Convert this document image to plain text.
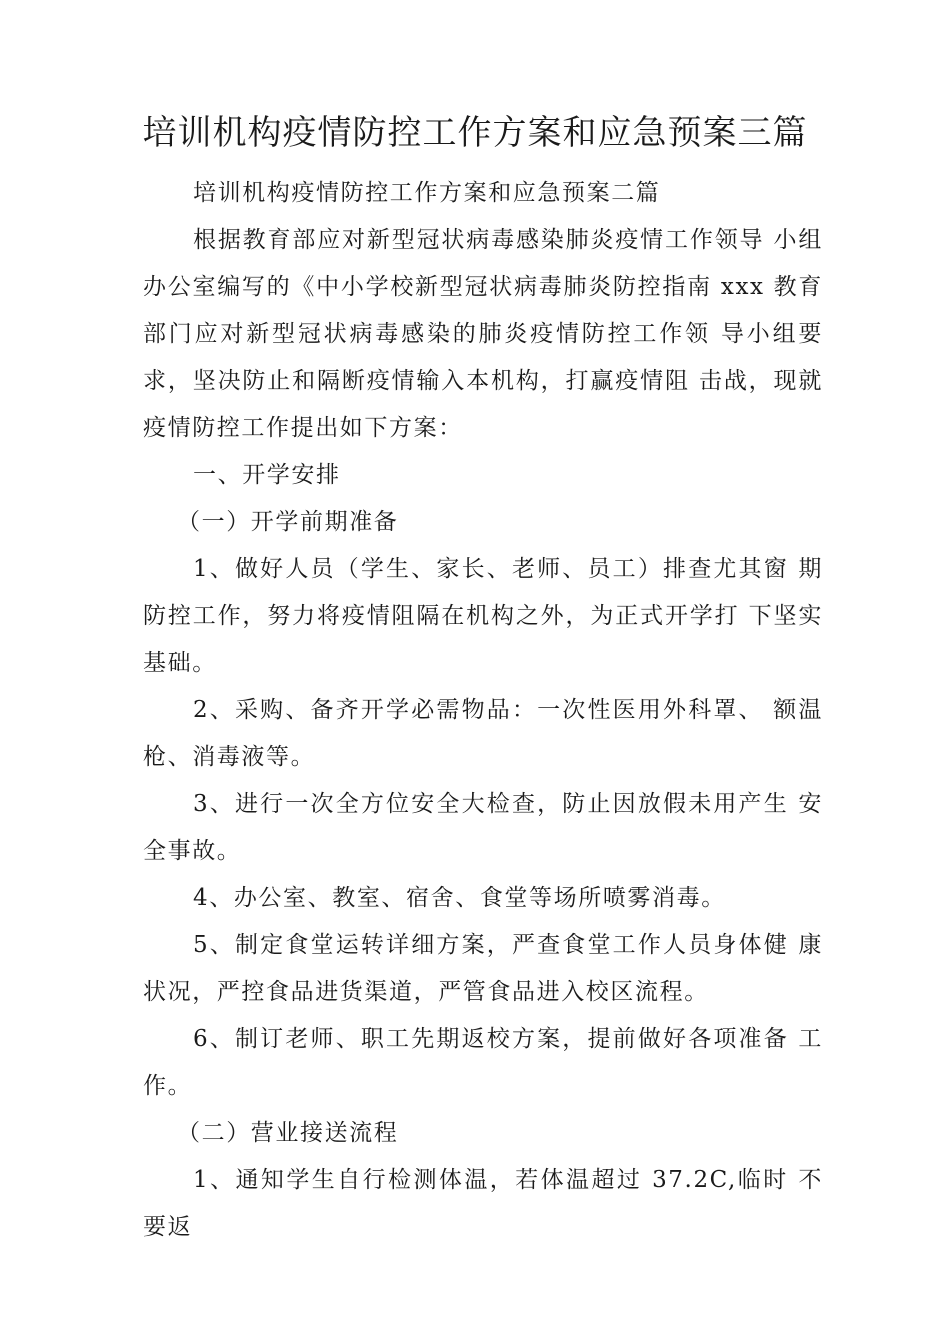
培训机构疫情防控工作方案和应急预案三篇

培训机构疫情防控工作方案和应急预案二篇

根据教育部应对新型冠状病毒感染肺炎疫情工作领导 小组办公室编写的《中小学校新型冠状病毒肺炎防控指南 xxx 教育部门应对新型冠状病毒感染的肺炎疫情防控工作领 导小组要求，坚决防止和隔断疫情输入本机构，打赢疫情阻 击战，现就疫情防控工作提出如下方案：

一、开学安排

（一）开学前期准备

1、做好人员（学生、家长、老师、员工）排查尤其窗 期防控工作，努力将疫情阻隔在机构之外，为正式开学打 下坚实基础。

2、采购、备齐开学必需物品：一次性医用外科罩、 额温枪、消毒液等。

3、进行一次全方位安全大检查，防止因放假未用产生 安全事故。

4、办公室、教室、宿舍、食堂等场所喷雾消毒。

5、制定食堂运转详细方案，严查食堂工作人员身体健 康状况，严控食品进货渠道，严管食品进入校区流程。

6、制订老师、职工先期返校方案，提前做好各项准备 工作。

（二）营业接送流程

1、通知学生自行检测体温，若体温超过 37.2C,临时 不要返
